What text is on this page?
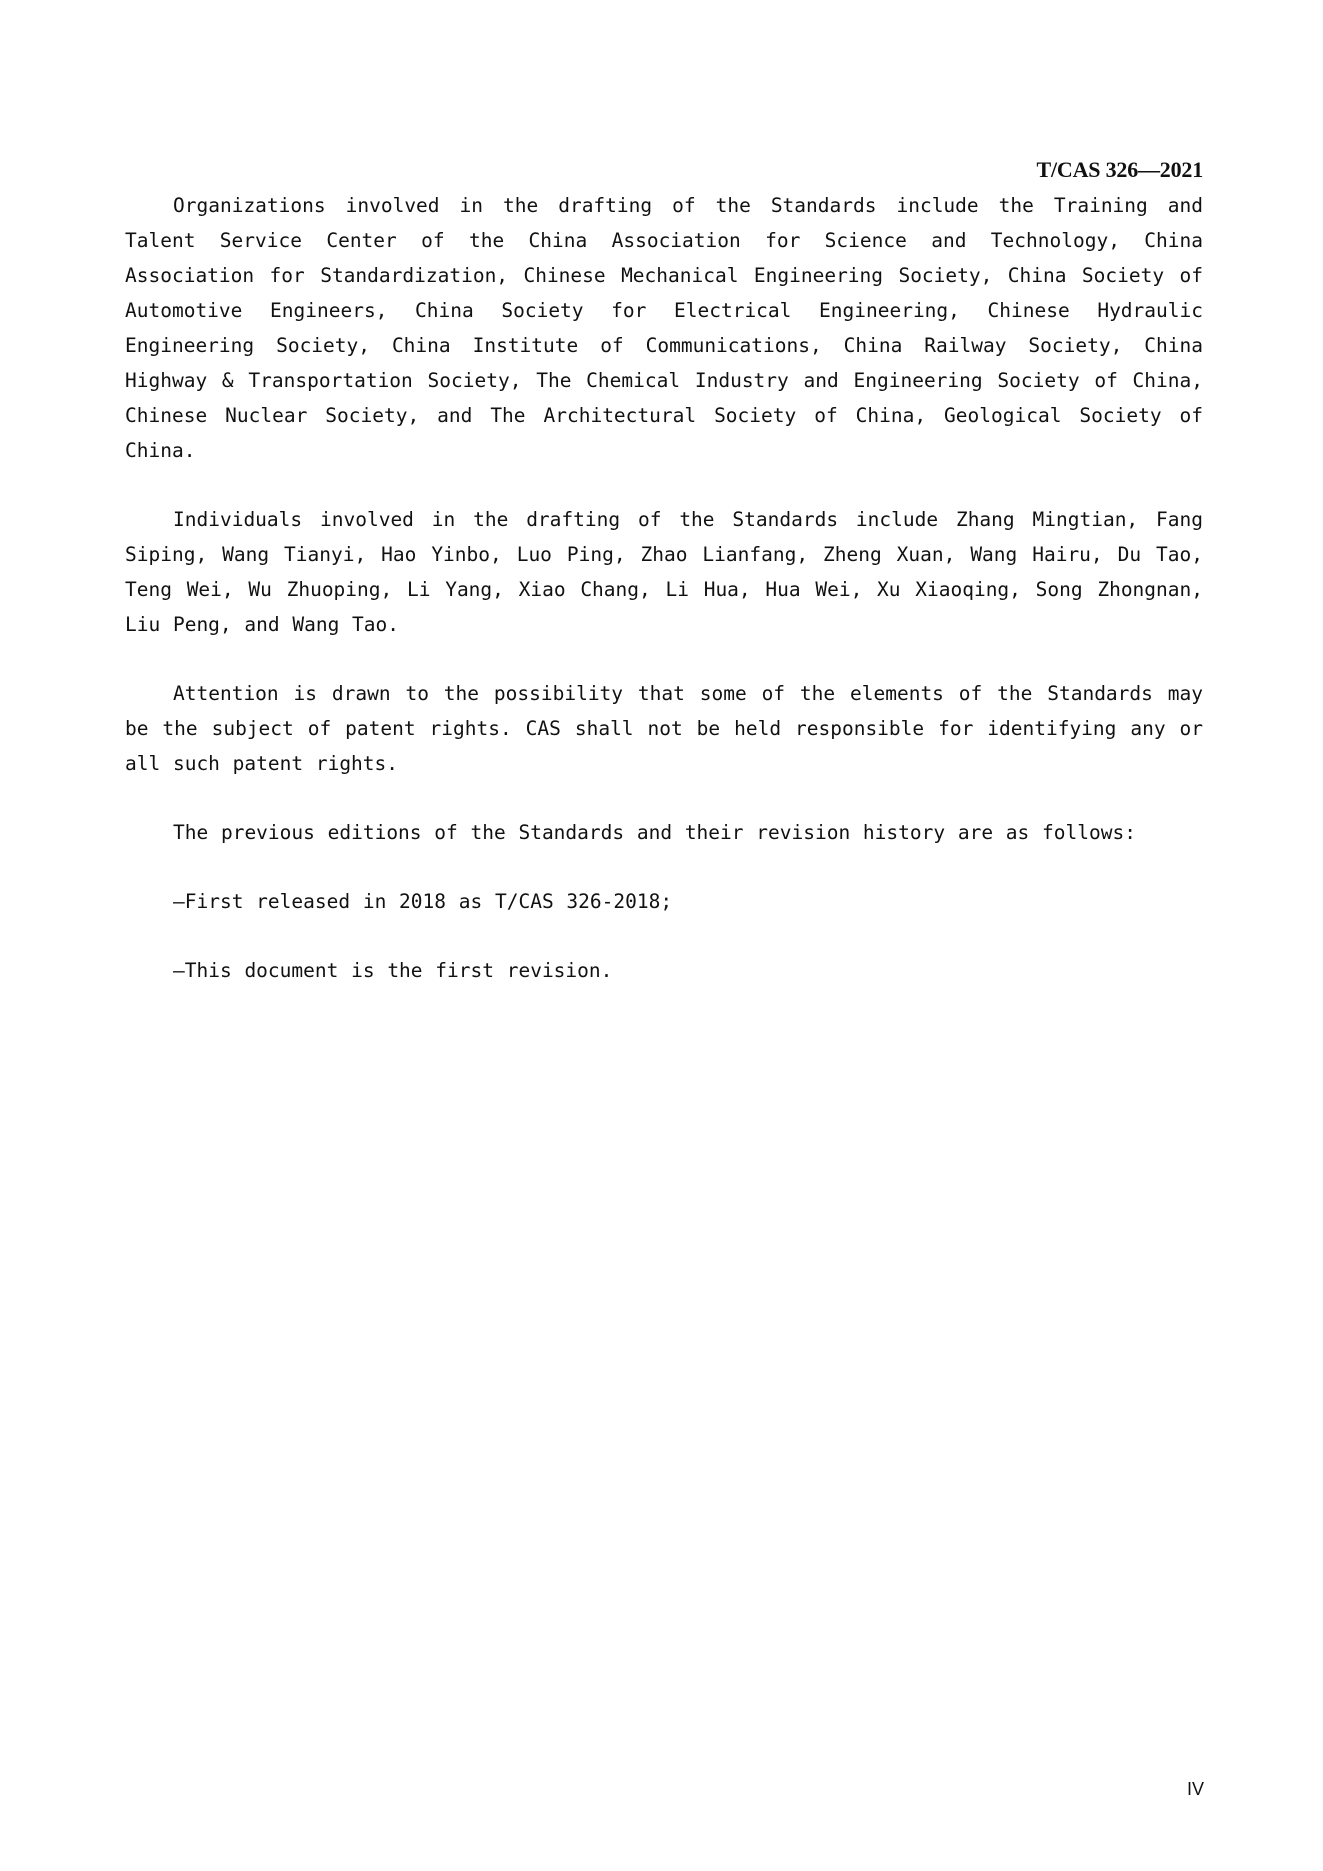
T/CAS 326—2021

Organizations involved in the drafting of the Standards include the Training and Talent Service Center of the China Association for Science and Technology, China Association for Standardization, Chinese Mechanical Engineering Society, China Society of Automotive Engineers, China Society for Electrical Engineering, Chinese Hydraulic Engineering Society, China Institute of Communications, China Railway Society, China Highway & Transportation Society, The Chemical Industry and Engineering Society of China, Chinese Nuclear Society, and The Architectural Society of China, Geological Society of China.

Individuals involved in the drafting of the Standards include Zhang Mingtian, Fang Siping, Wang Tianyi, Hao Yinbo, Luo Ping, Zhao Lianfang, Zheng Xuan, Wang Hairu, Du Tao, Teng Wei, Wu Zhuoping, Li Yang, Xiao Chang, Li Hua, Hua Wei, Xu Xiaoqing, Song Zhongnan, Liu Peng, and Wang Tao.

Attention is drawn to the possibility that some of the elements of the Standards may be the subject of patent rights. CAS shall not be held responsible for identifying any or all such patent rights.

The previous editions of the Standards and their revision history are as follows:

—First released in 2018 as T/CAS 326-2018;
—This document is the first revision.
IV
